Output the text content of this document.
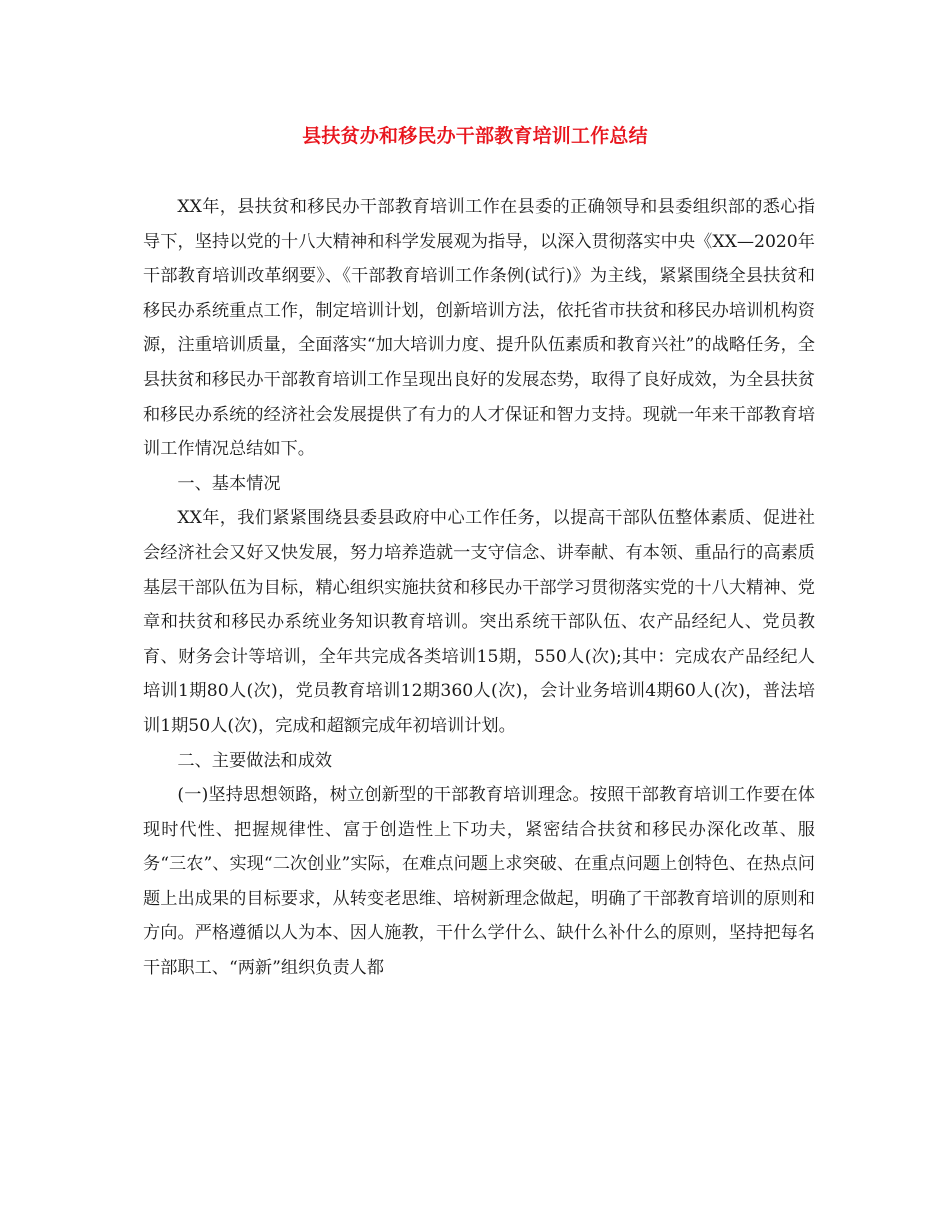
县扶贫办和移民办干部教育培训工作总结

XX年，县扶贫和移民办干部教育培训工作在县委的正确领导和县委组织部的悉心指导下，坚持以党的十八大精神和科学发展观为指导，以深入贯彻落实中央《XX—2020年干部教育培训改革纲要》、《干部教育培训工作条例(试行)》为主线，紧紧围绕全县扶贫和移民办系统重点工作，制定培训计划，创新培训方法，依托省市扶贫和移民办培训机构资源，注重培训质量，全面落实“加大培训力度、提升队伍素质和教育兴社”的战略任务，全县扶贫和移民办干部教育培训工作呈现出良好的发展态势，取得了良好成效，为全县扶贫和移民办系统的经济社会发展提供了有力的人才保证和智力支持。现就一年来干部教育培训工作情况总结如下。

一、基本情况

XX年，我们紧紧围绕县委县政府中心工作任务，以提高干部队伍整体素质、促进社会经济社会又好又快发展，努力培养造就一支守信念、讲奉献、有本领、重品行的高素质基层干部队伍为目标，精心组织实施扶贫和移民办干部学习贯彻落实党的十八大精神、党章和扶贫和移民办系统业务知识教育培训。突出系统干部队伍、农产品经纪人、党员教育、财务会计等培训，全年共完成各类培训15期，550人(次);其中：完成农产品经纪人培训1期80人(次)，党员教育培训12期360人(次)，会计业务培训4期60人(次)，普法培训1期50人(次)，完成和超额完成年初培训计划。

二、主要做法和成效

(一)坚持思想领路，树立创新型的干部教育培训理念。按照干部教育培训工作要在体现时代性、把握规律性、富于创造性上下功夫，紧密结合扶贫和移民办深化改革、服务“三农”、实现“二次创业”实际，在难点问题上求突破、在重点问题上创特色、在热点问题上出成果的目标要求，从转变老思维、培树新理念做起，明确了干部教育培训的原则和方向。严格遵循以人为本、因人施教，干什么学什么、缺什么补什么的原则，坚持把每名干部职工、“两新”组织负责人都
